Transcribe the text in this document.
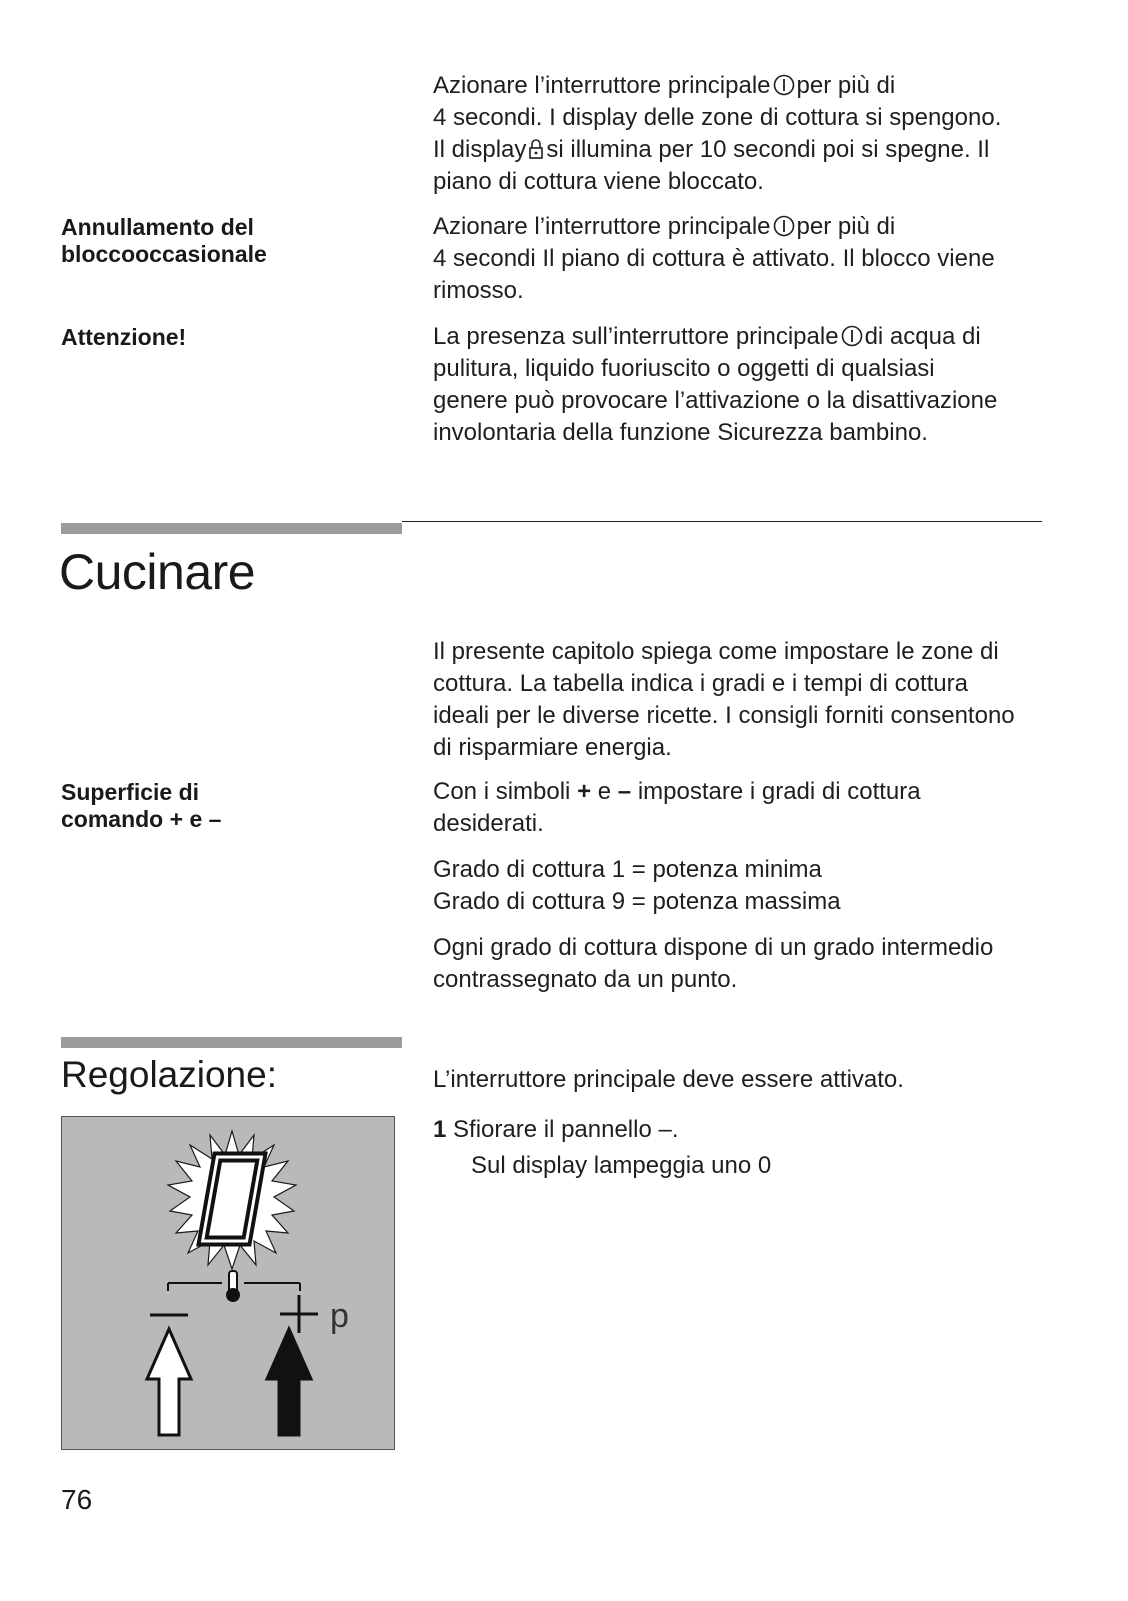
Azionare l’interruttore principale per più di
4 secondi. I display delle zone di cottura si spengono.
Il display si illumina per 10 secondi poi si spegne. Il
piano di cottura viene bloccato.
Annullamento del
bloccooccasionale
Azionare l’interruttore principale per più di
4 secondi Il piano di cottura è attivato. Il blocco viene
rimosso.
Attenzione!	La presenza sull’interruttore principale di acqua di
pulitura, liquido fuoriuscito o oggetti di qualsiasi
genere può provocare l’attivazione o la disattivazione
involontaria della funzione Sicurezza bambino.
Cucinare
Il presente capitolo spiega come impostare le zone di
cottura. La tabella indica i gradi e i tempi di cottura
ideali per le diverse ricette. I consigli forniti consentono
di risparmiare energia.
Superficie di
comando + e –
Con i simboli + e – impostare i gradi di cottura
desiderati.
Grado di cottura 1 = potenza minima
Grado di cottura 9 = potenza massima
Ogni grado di cottura dispone di un grado intermedio
contrassegnato da un punto.
Regolazione:	L’interruttore principale deve essere attivato.
1 Sfiorare il pannello –.
Sul display lampeggia uno 0
p
76
